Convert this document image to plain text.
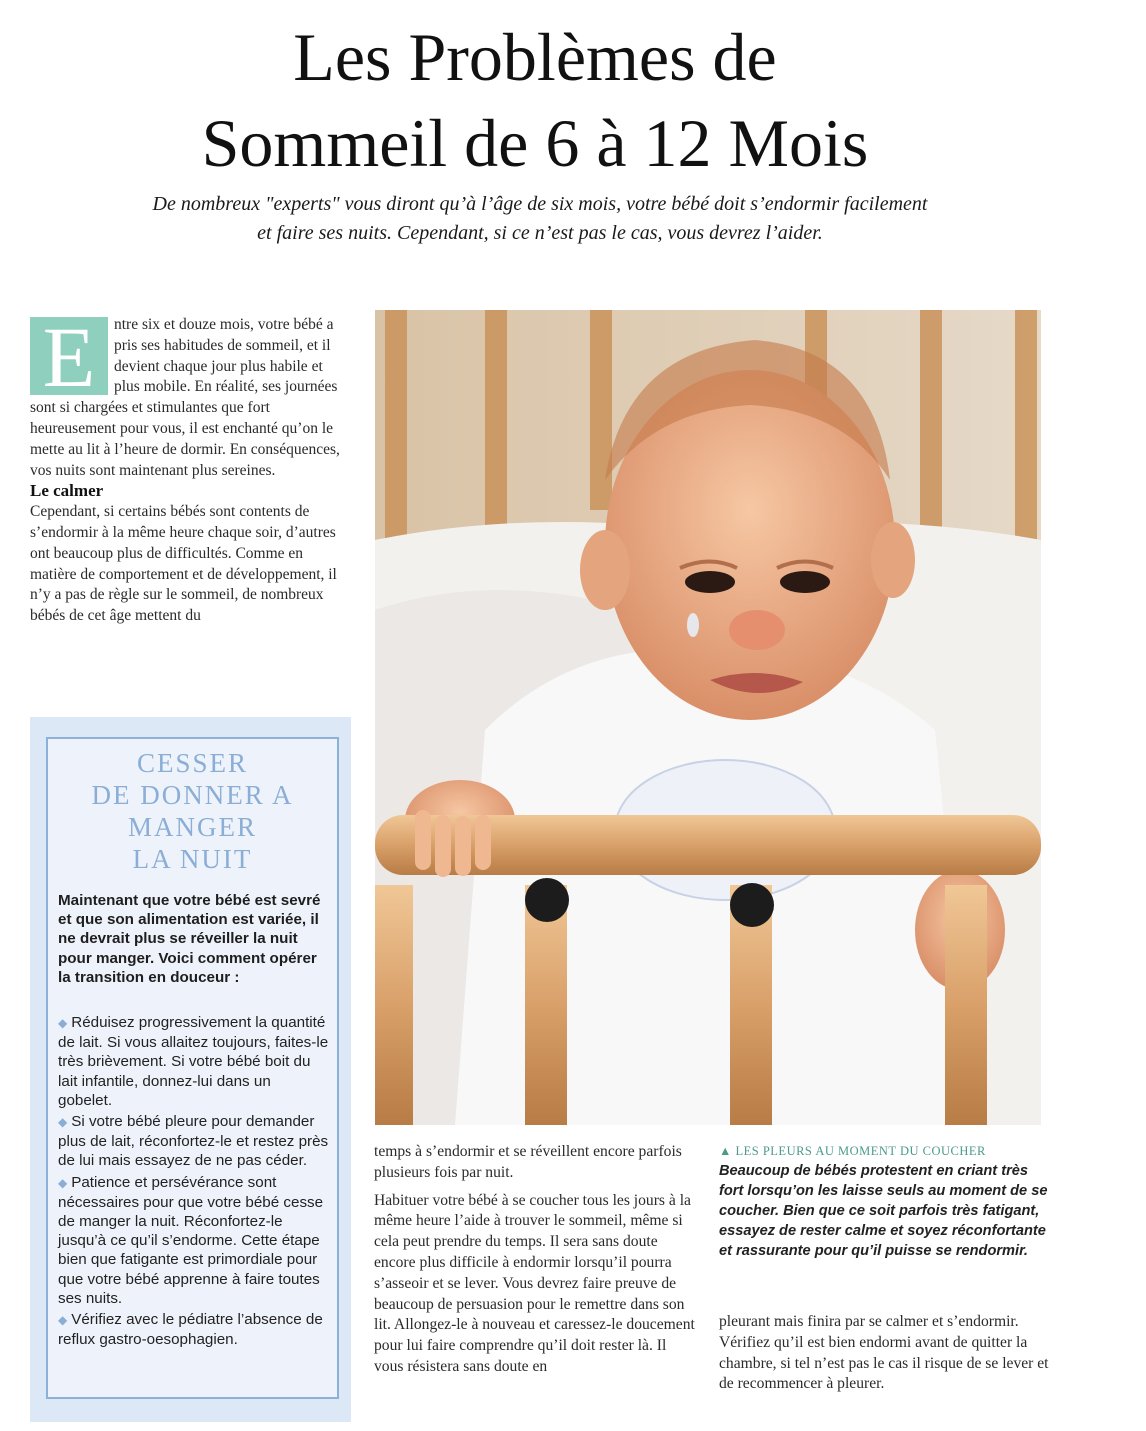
Les Problèmes de
Sommeil de 6 à 12 Mois
De nombreux "experts" vous diront qu’à l’âge de six mois, votre bébé doit s’endormir facilement et faire ses nuits. Cependant, si ce n’est pas le cas, vous devrez l’aider.
E	ntre six et douze mois, votre bébé a pris ses habitudes de sommeil, et il devient chaque jour plus habile et plus mobile. En réalité, ses journées sont si chargées et stimulantes que fort heureusement pour vous, il est enchanté qu’on le mette au lit à l’heure de dormir. En conséquences, vos nuits sont maintenant plus sereines.

Le calmer

Cependant, si certains bébés sont contents de s’endormir à la même heure chaque soir, d’autres ont beaucoup plus de difficultés. Comme en matière de comportement et de développement, il n’y a pas de règle sur le sommeil, de nombreux bébés de cet âge mettent du

CESSER
DE DONNER A
MANGER
LA NUIT
Maintenant que votre bébé est sevré et que son alimentation est variée, il ne devrait plus se réveiller la nuit pour manger. Voici comment opérer la transition en douceur :
◆ Réduisez progressivement la quantité de lait. Si vous allaitez toujours, faites-le très brièvement. Si votre bébé boit du lait infantile, donnez-lui dans un gobelet.
◆ Si votre bébé pleure pour demander plus de lait, réconfortez-le et restez près de lui mais essayez de ne pas céder.
◆ Patience et persévérance sont nécessaires pour que votre bébé cesse de manger la nuit. Réconfortez-le jusqu’à ce qu’il s’endorme. Cette étape bien que fatigante est primordiale pour que votre bébé apprenne à faire toutes ses nuits.
◆ Vérifiez avec le pédiatre l’absence de reflux gastro-oesophagien.

temps à s’endormir et se réveillent encore parfois plusieurs fois par nuit.

Habituer votre bébé à se coucher tous les jours à la même heure l’aide à trouver le sommeil, même si cela peut prendre du temps. Il sera sans doute encore plus difficile à endormir lorsqu’il pourra s’asseoir et se lever. Vous devrez faire preuve de beaucoup de persuasion pour le remettre dans son lit. Allongez-le à nouveau et caressez-le doucement pour lui faire comprendre qu’il doit rester là. Il vous résistera sans doute en

▲ LES PLEURS AU MOMENT DU COUCHER
Beaucoup de bébés protestent en criant très fort lorsqu’on les laisse seuls au moment de se coucher. Bien que ce soit parfois très fatigant, essayez de rester calme et soyez réconfortante et rassurante pour qu’il puisse se rendormir.

pleurant mais finira par se calmer et s’endormir. Vérifiez qu’il est bien endormi avant de quitter la chambre, si tel n’est pas le cas il risque de se lever et de recommencer à pleurer.
